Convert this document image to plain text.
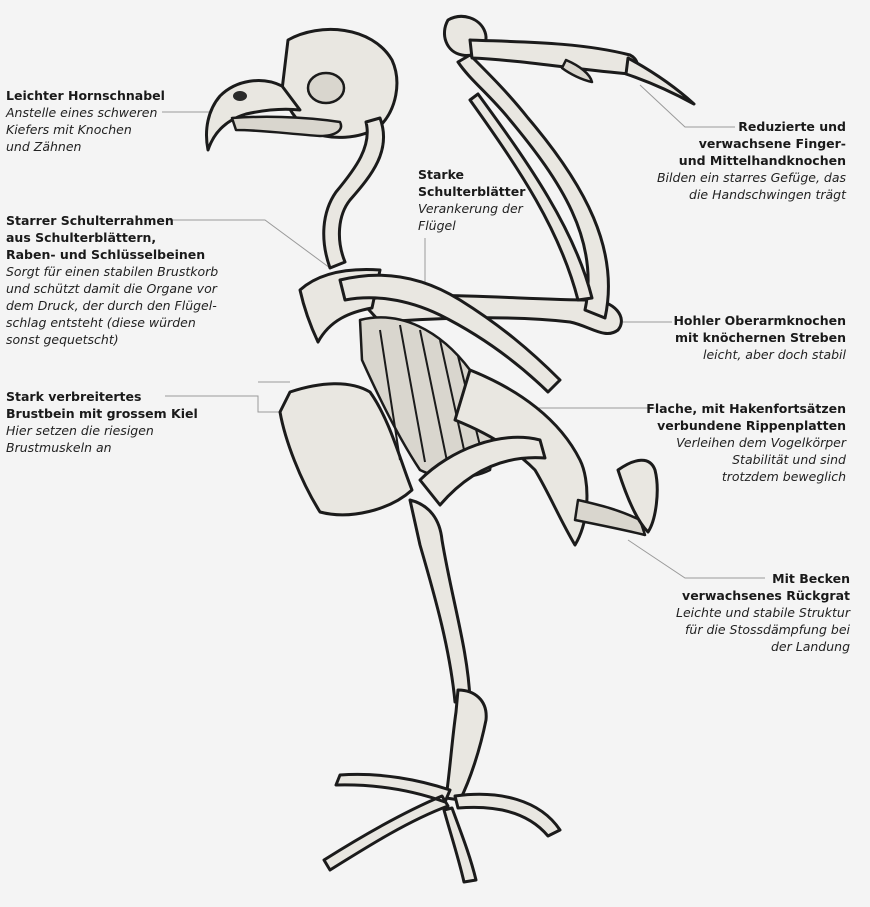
Leichter Hornschnabel
Anstelle eines schweren
Kiefers mit Knochen
und Zähnen
Reduzierte und
verwachsene Finger-
und Mittelhandknochen
Bilden ein starres Gefüge, das
die Handschwingen trägt
Starke
Schulterblätter
Verankerung der
Flügel
Starrer Schulterrahmen
aus Schulterblättern,
Raben- und Schlüsselbeinen
Sorgt für einen stabilen Brustkorb
und schützt damit die Organe vor
dem Druck, der durch den Flügel-
schlag entsteht (diese würden
sonst gequetscht)
Hohler Oberarmknochen
mit knöchernen Streben
leicht, aber doch stabil
Stark verbreitertes
Brustbein mit grossem Kiel
Hier setzen die riesigen
Brustmuskeln an
Flache, mit Hakenfortsätzen
verbundene Rippenplatten
Verleihen dem Vogelkörper
Stabilität und sind
trotzdem beweglich
Mit Becken
verwachsenes Rückgrat
Leichte und stabile Struktur
für die Stossdämpfung bei
der Landung
